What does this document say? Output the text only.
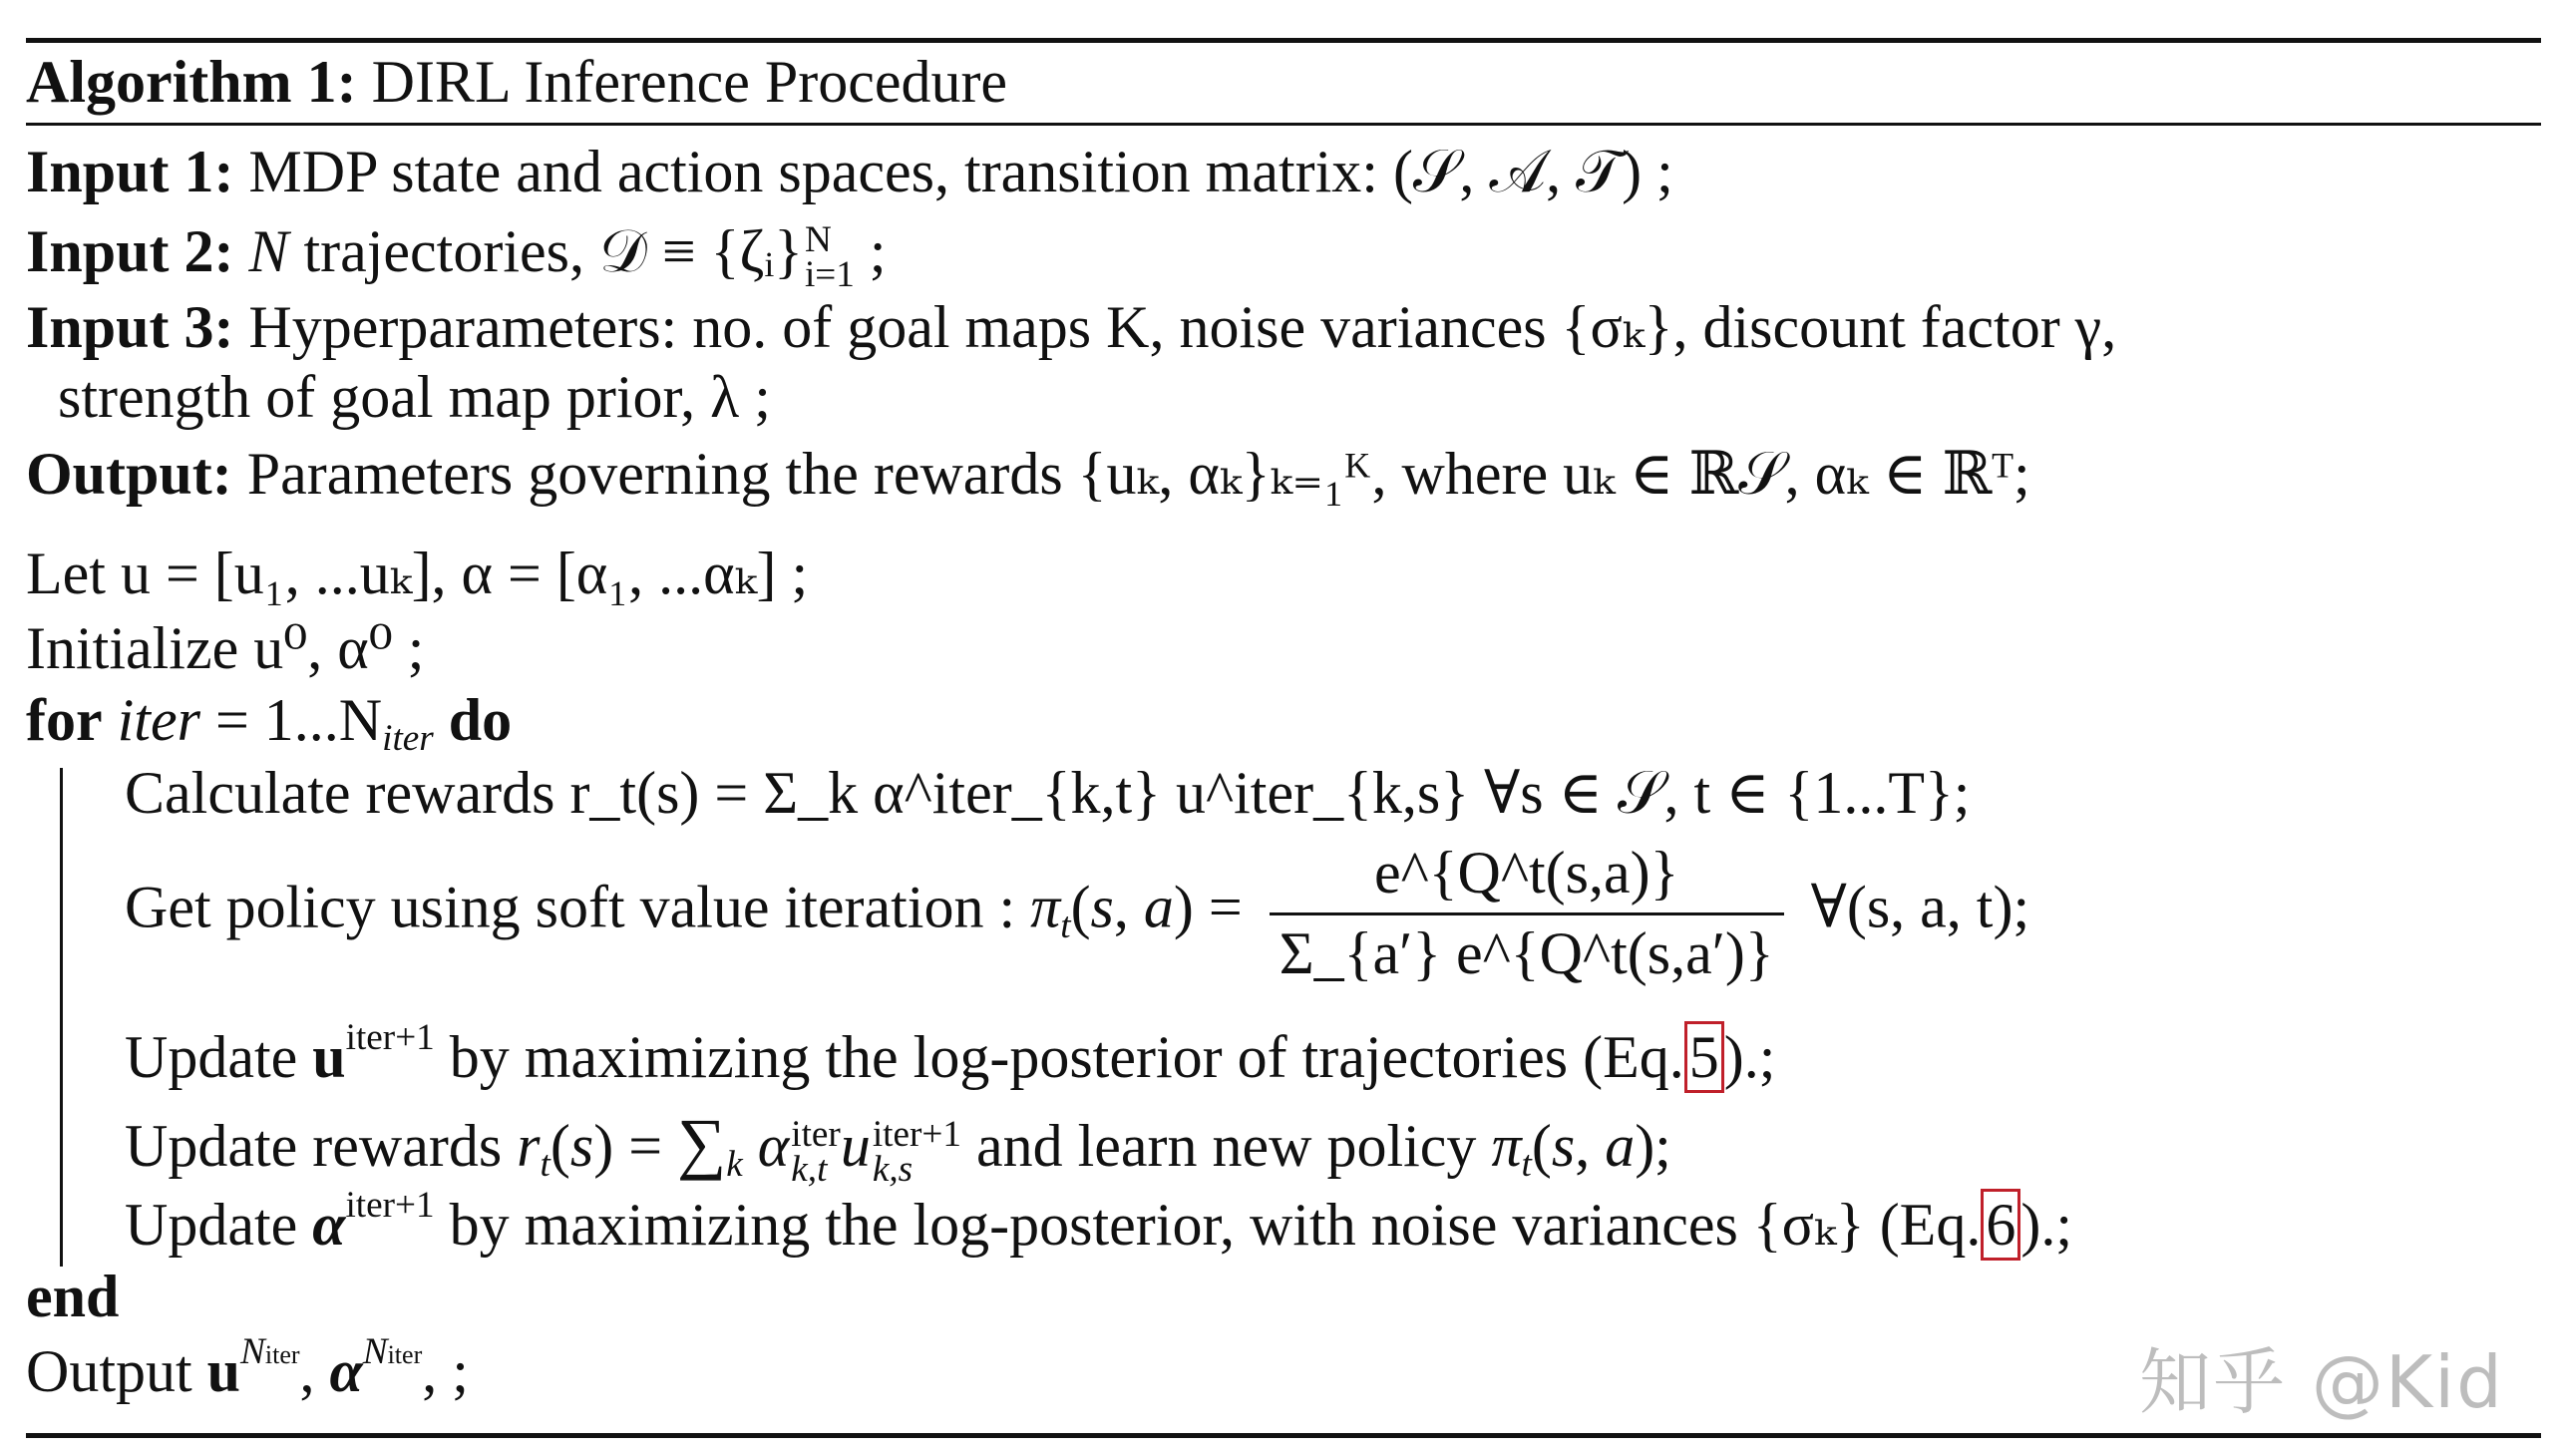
Algorithm 1: DIRL Inference Procedure
Input 1: MDP state and action spaces, transition matrix: (𝒮, 𝒜, 𝒯) ;
Input 2: N trajectories, 𝒟 ≡ {ζᵢ} N
i=1 ;
Input 3: Hyperparameters: no. of goal maps K, noise variances {σₖ}, discount factor γ,
strength of goal map prior, λ ;
Output: Parameters governing the rewards {uₖ, αₖ}ₖ₌₁ᴷ, where uₖ ∈ ℝ𝒮, αₖ ∈ ℝᵀ;
Let u = [u₁, ...uₖ], α = [α₁, ...αₖ] ;
Initialize u⁰, α⁰ ;
for iter = $1...N_{iter}$ do
Calculate rewards r_t(s) = Σ_k α^iter_{k,t} u^iter_{k,s} ∀s ∈ 𝒮, t ∈ {1...T};
Get policy using soft value iteration : $\pi_t(s$, $a) = \frac{e\^{}\{Q\^{}t(s,a)\}}{\Sigma\_\{a'\} e\^{}\{Q\^{}t(s,a')\}}$ ∀(s, a, t);
Update $u^{iter+1}$ by maximizing the log-posterior of trajectories (Eq.5).;
Update rewards $r_t(s) = \sum_k$ α iter
k,t u iter+1
k,s	and learn new policy $\pi_t(s$, a);
Update $\alpha^{iter+1}$ by maximizing the log-posterior, with noise variances {σₖ} (Eq.6).;
end
Output $u^{Niter}$, $\alpha^{Niter}$, ;	知乎 @Kid
